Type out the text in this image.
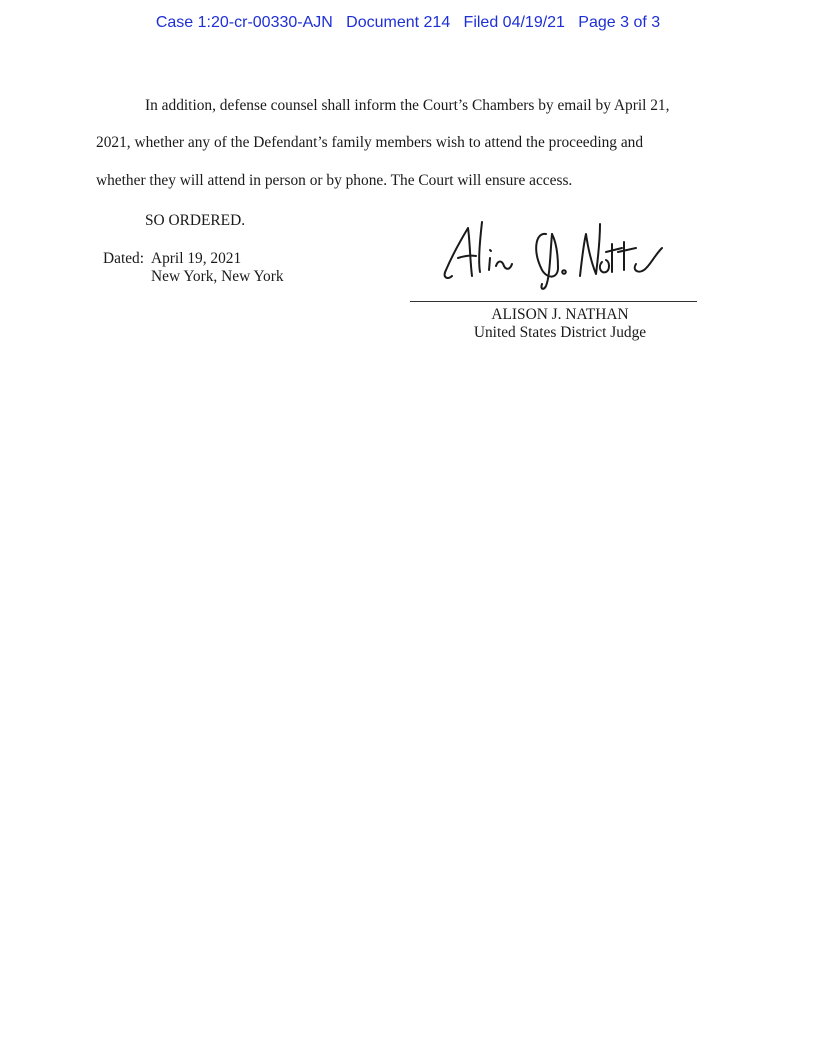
Case 1:20-cr-00330-AJN   Document 214   Filed 04/19/21   Page 3 of 3
In addition, defense counsel shall inform the Court’s Chambers by email by April 21,
2021, whether any of the Defendant’s family members wish to attend the proceeding and
whether they will attend in person or by phone. The Court will ensure access.
SO ORDERED.
Dated: April 19, 2021
New York, New York
ALISON J. NATHAN
United States District Judge
